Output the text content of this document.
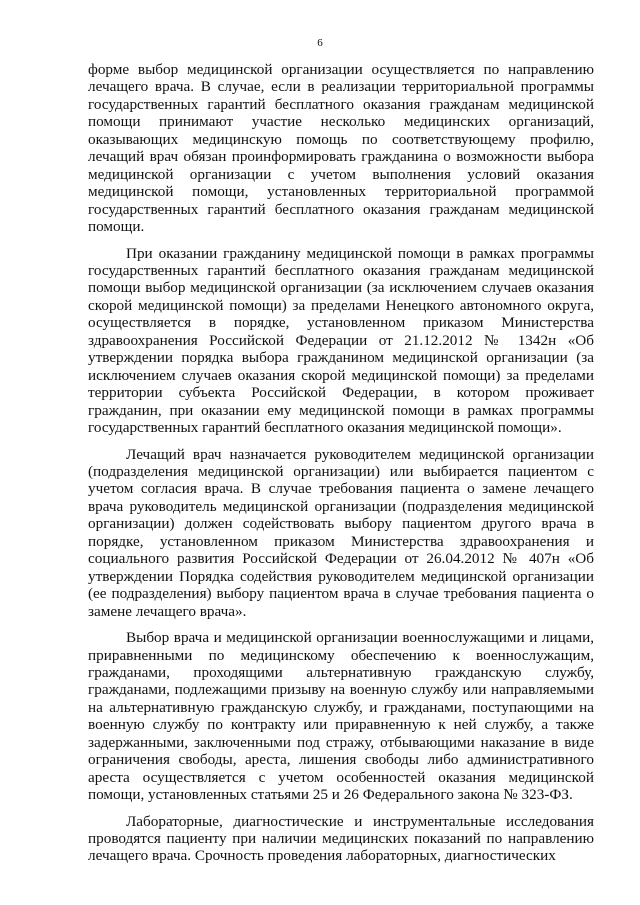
6

форме выбор медицинской организации осуществляется по направлению лечащего врача. В случае, если в реализации территориальной программы государственных гарантий бесплатного оказания гражданам медицинской помощи принимают участие несколько медицинских организаций, оказывающих медицинскую помощь по соответствующему профилю, лечащий врач обязан проинформировать гражданина о возможности выбора медицинской организации с учетом выполнения условий оказания медицинской помощи, установленных территориальной программой государственных гарантий бесплатного оказания гражданам медицинской помощи.

При оказании гражданину медицинской помощи в рамках программы государственных гарантий бесплатного оказания гражданам медицинской помощи выбор медицинской организации (за исключением случаев оказания скорой медицинской помощи) за пределами Ненецкого автономного округа, осуществляется в порядке, установленном приказом Министерства здравоохранения Российской Федерации от 21.12.2012 № 1342н «Об утверждении порядка выбора гражданином медицинской организации (за исключением случаев оказания скорой медицинской помощи) за пределами территории субъекта Российской Федерации, в котором проживает гражданин, при оказании ему медицинской помощи в рамках программы государственных гарантий бесплатного оказания медицинской помощи».

Лечащий врач назначается руководителем медицинской организации (подразделения медицинской организации) или выбирается пациентом с учетом согласия врача. В случае требования пациента о замене лечащего врача руководитель медицинской организации (подразделения медицинской организации) должен содействовать выбору пациентом другого врача в порядке, установленном приказом Министерства здравоохранения и социального развития Российской Федерации от 26.04.2012 № 407н «Об утверждении Порядка содействия руководителем медицинской организации (ее подразделения) выбору пациентом врача в случае требования пациента о замене лечащего врача».

Выбор врача и медицинской организации военнослужащими и лицами, приравненными по медицинскому обеспечению к военнослужащим, гражданами, проходящими альтернативную гражданскую службу, гражданами, подлежащими призыву на военную службу или направляемыми на альтернативную гражданскую службу, и гражданами, поступающими на военную службу по контракту или приравненную к ней службу, а также задержанными, заключенными под стражу, отбывающими наказание в виде ограничения свободы, ареста, лишения свободы либо административного ареста осуществляется с учетом особенностей оказания медицинской помощи, установленных статьями 25 и 26 Федерального закона № 323-ФЗ.

Лабораторные, диагностические и инструментальные исследования проводятся пациенту при наличии медицинских показаний по направлению лечащего врача. Срочность проведения лабораторных, диагностических
